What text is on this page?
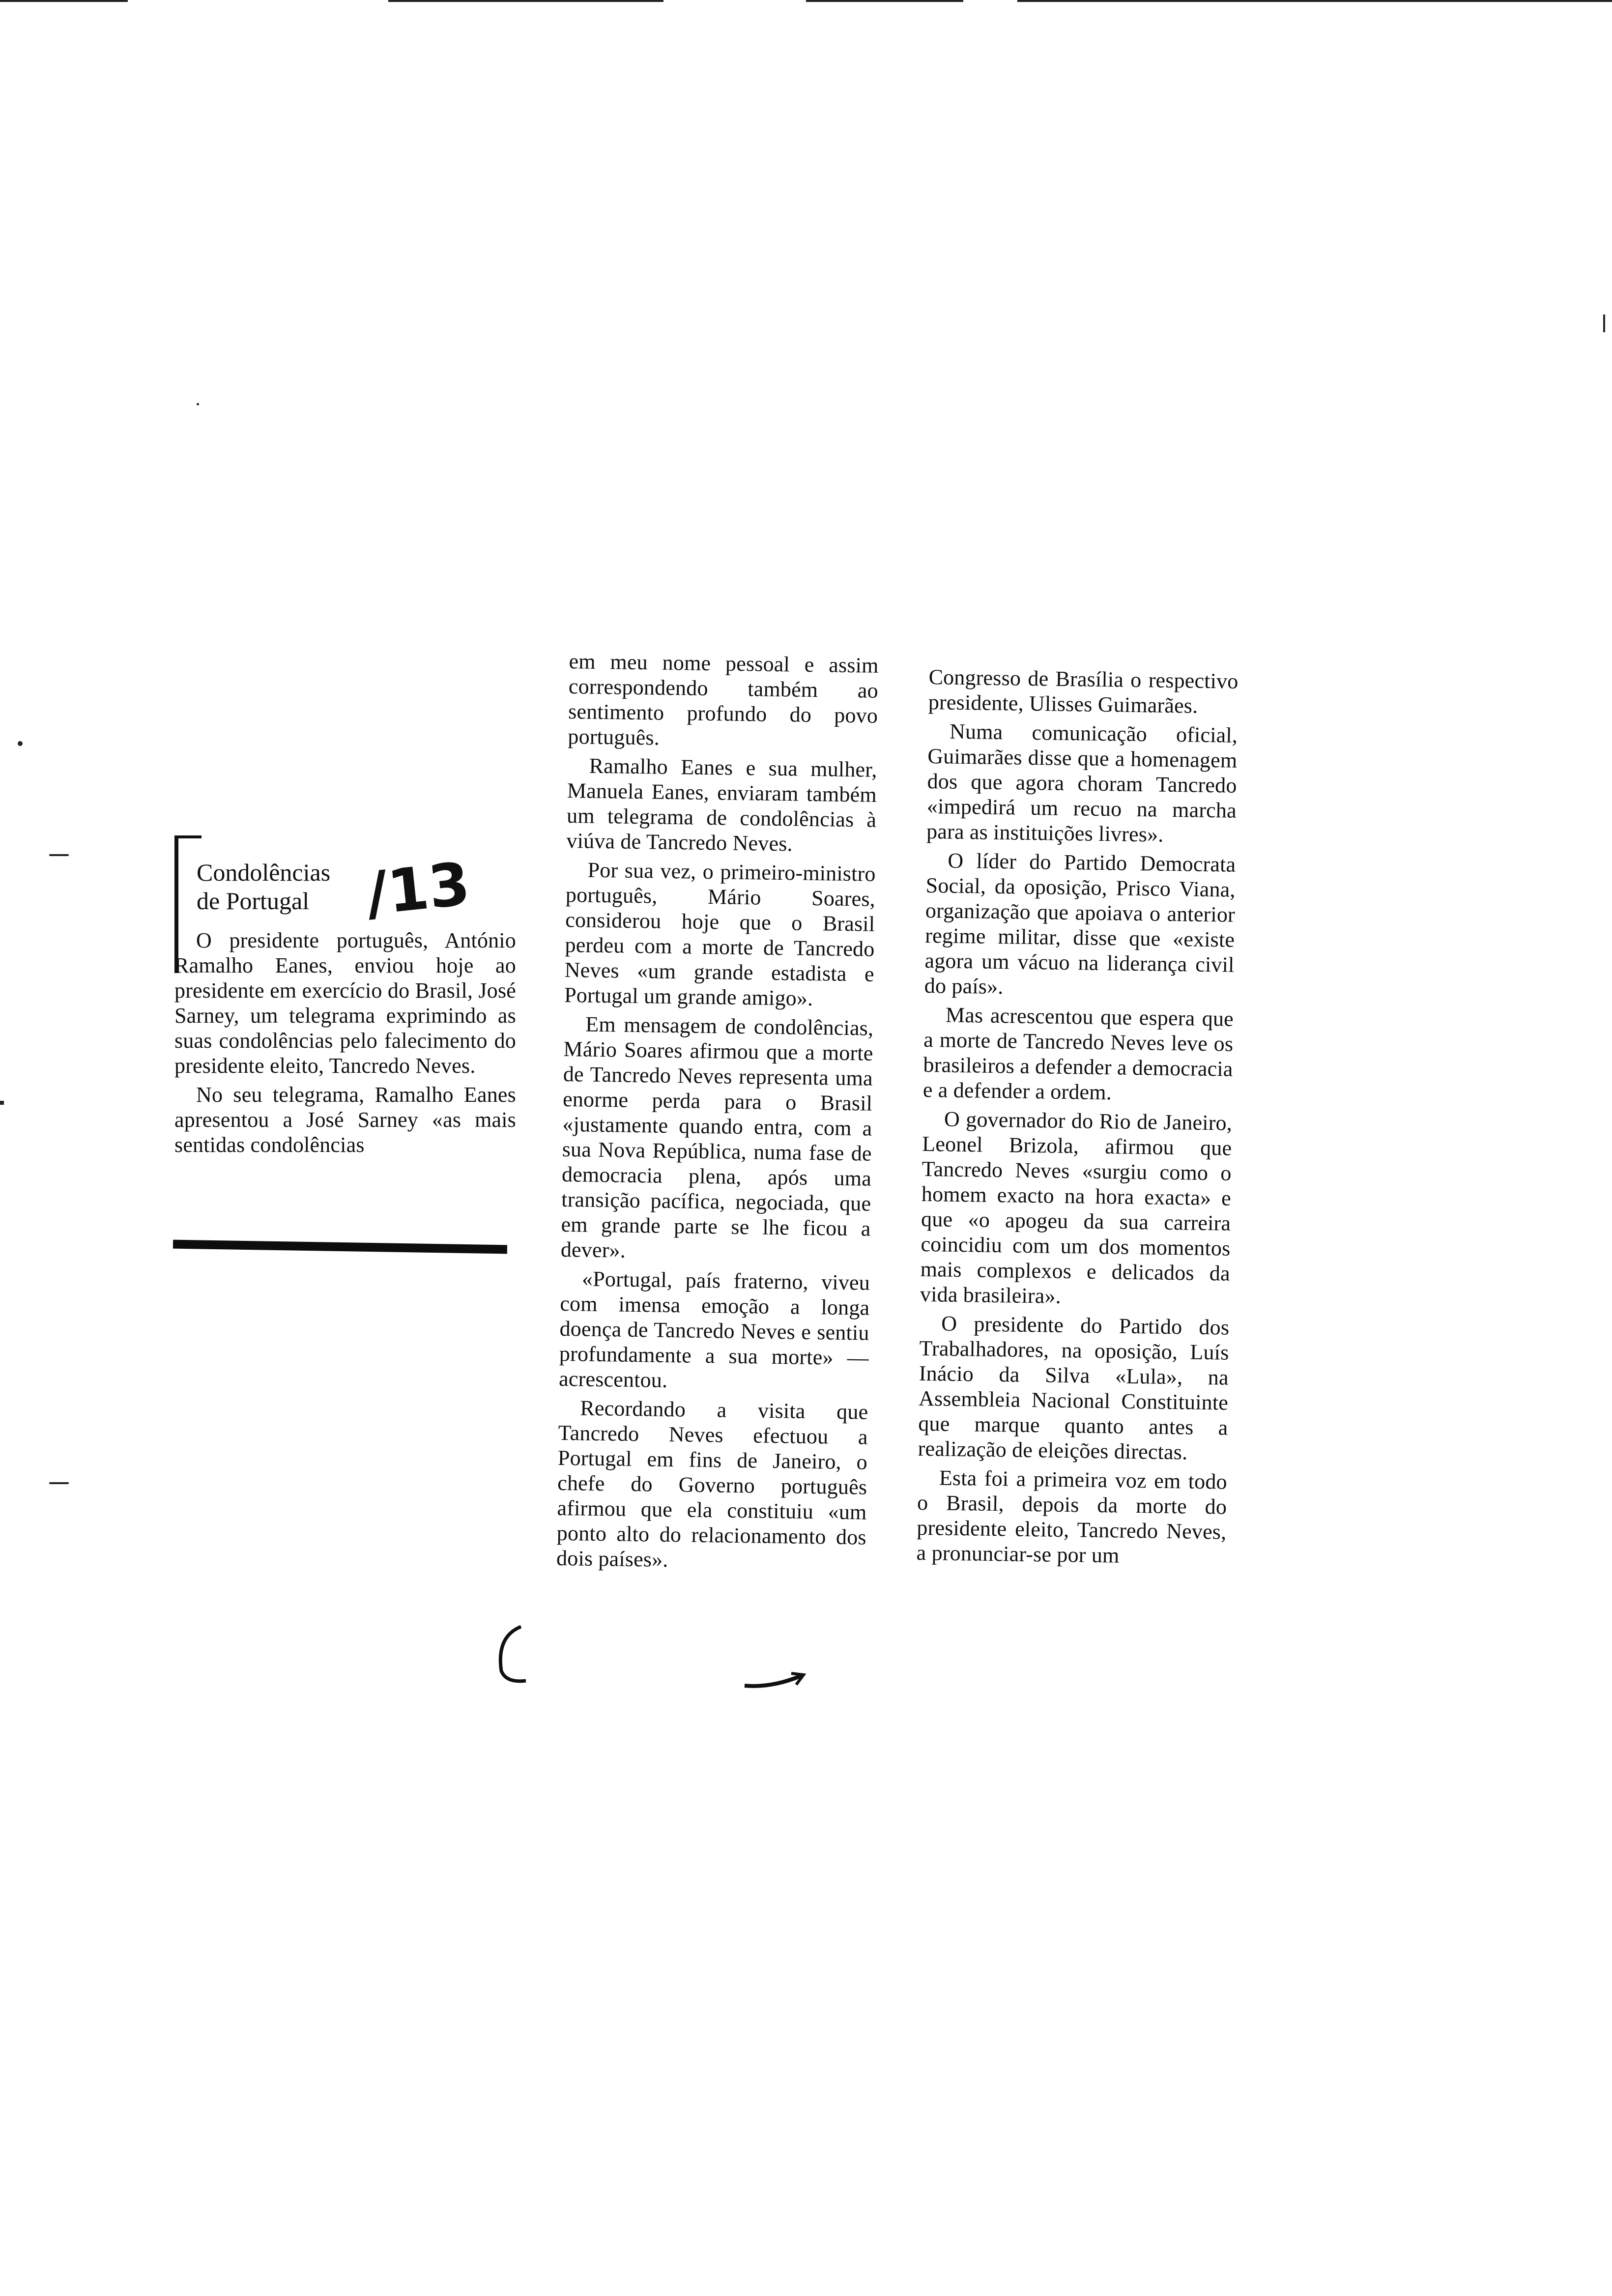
Condolências
de Portugal /13

O presidente português, António Ramalho Eanes, enviou hoje ao presidente em exercício do Brasil, José Sarney, um telegrama exprimindo as suas condolências pelo falecimento do presidente eleito, Tancredo Neves.

No seu telegrama, Ramalho Eanes apresentou a José Sarney «as mais sentidas condolências

em meu nome pessoal e assim correspondendo também ao sentimento profundo do povo português.

Ramalho Eanes e sua mulher, Manuela Eanes, enviaram também um telegrama de condolências à viúva de Tancredo Neves.

Por sua vez, o primeiro-ministro português, Mário Soares, considerou hoje que o Brasil perdeu com a morte de Tancredo Neves «um grande estadista e Portugal um grande amigo».

Em mensagem de condolências, Mário Soares afirmou que a morte de Tancredo Neves representa uma enorme perda para o Brasil «justamente quando entra, com a sua Nova República, numa fase de democracia plena, após uma transição pacífica, negociada, que em grande parte se lhe ficou a dever».

«Portugal, país fraterno, viveu com imensa emoção a longa doença de Tancredo Neves e sentiu profundamente a sua morte» — acrescentou.

Recordando a visita que Tancredo Neves efectuou a Portugal em fins de Janeiro, o chefe do Governo português afirmou que ela constituiu «um ponto alto do relacionamento dos dois países».

Congresso de Brasília o respectivo presidente, Ulisses Guimarães.

Numa comunicação oficial, Guimarães disse que a homenagem dos que agora choram Tancredo «impedirá um recuo na marcha para as instituições livres».

O líder do Partido Democrata Social, da oposição, Prisco Viana, organização que apoiava o anterior regime militar, disse que «existe agora um vácuo na liderança civil do país».

Mas acrescentou que espera que a morte de Tancredo Neves leve os brasileiros a defender a democracia e a defender a ordem.

O governador do Rio de Janeiro, Leonel Brizola, afirmou que Tancredo Neves «surgiu como o homem exacto na hora exacta» e que «o apogeu da sua carreira coincidiu com um dos momentos mais complexos e delicados da vida brasileira».

O presidente do Partido dos Trabalhadores, na oposição, Luís Inácio da Silva «Lula», na Assembleia Nacional Constituinte que marque quanto antes a realização de eleições directas.

Esta foi a primeira voz em todo o Brasil, depois da morte do presidente eleito, Tancredo Neves, a pronunciar-se por um
